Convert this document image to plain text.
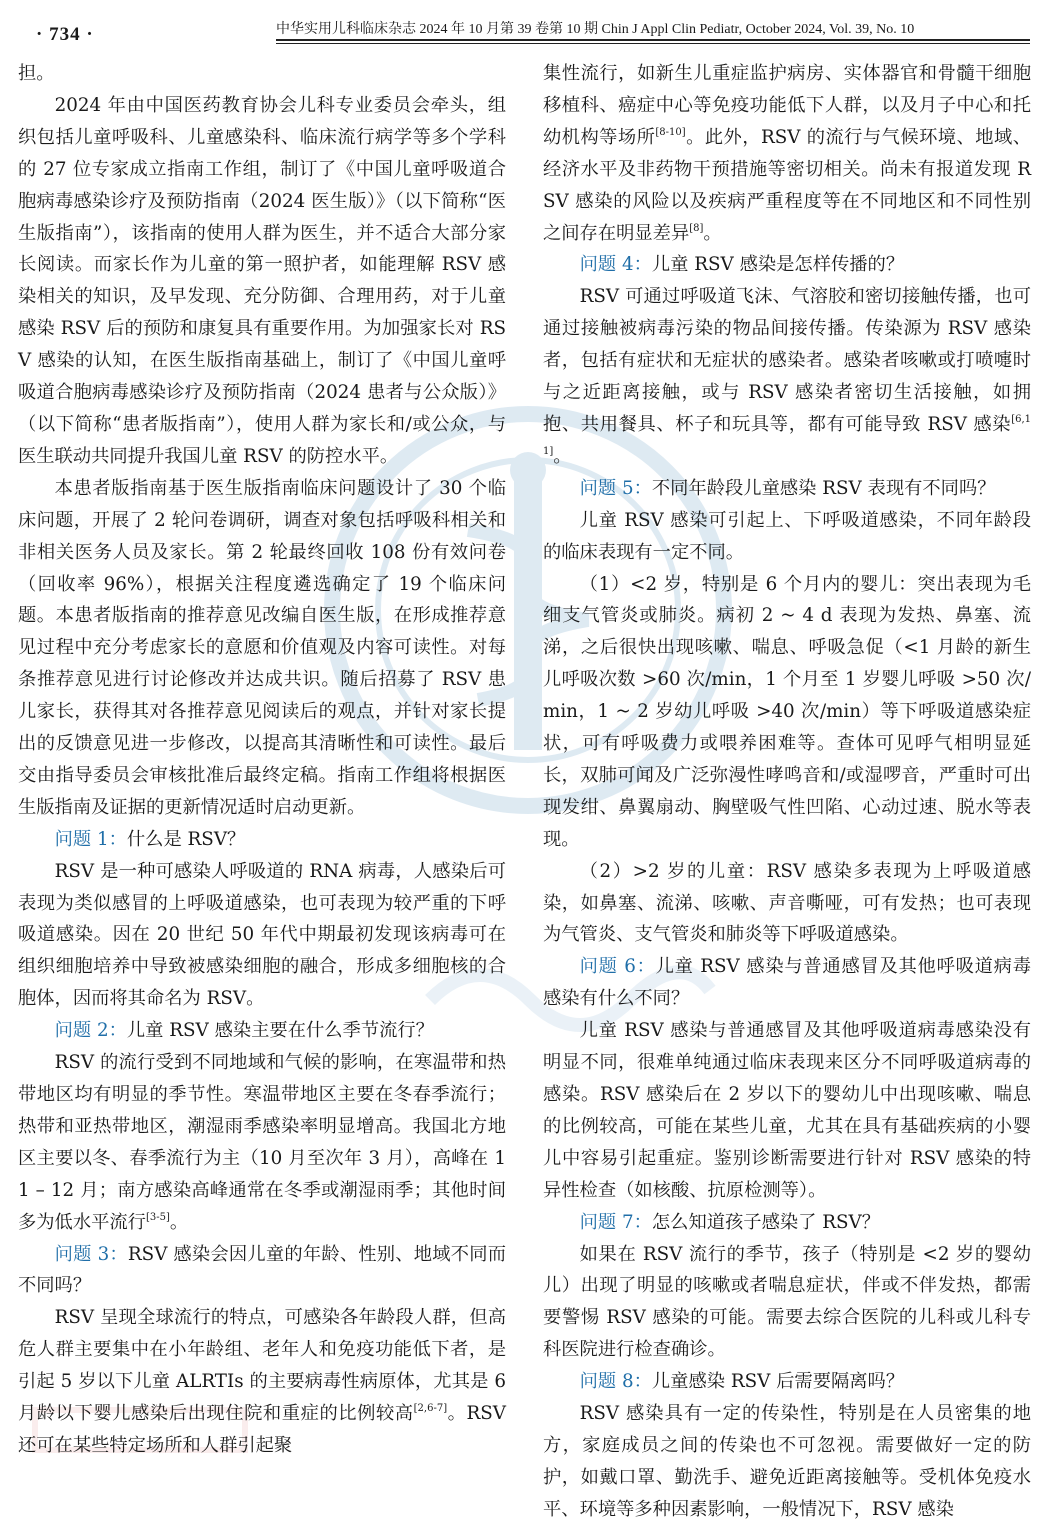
· 734 ·	中华实用儿科临床杂志 2024 年 10 月第 39 卷第 10 期 Chin J Appl Clin Pediatr, October 2024, Vol. 39, No. 10

担。

2024 年由中国医药教育协会儿科专业委员会牵头，组织包括儿童呼吸科、儿童感染科、临床流行病学等多个学科的 27 位专家成立指南工作组，制订了《中国儿童呼吸道合胞病毒感染诊疗及预防指南（2024 医生版）》（以下简称“医生版指南”），该指南的使用人群为医生，并不适合大部分家长阅读。而家长作为儿童的第一照护者，如能理解 RSV 感染相关的知识，及早发现、充分防御、合理用药，对于儿童感染 RSV 后的预防和康复具有重要作用。为加强家长对 RSV 感染的认知，在医生版指南基础上，制订了《中国儿童呼吸道合胞病毒感染诊疗及预防指南（2024 患者与公众版）》（以下简称“患者版指南”），使用人群为家长和/或公众，与医生联动共同提升我国儿童 RSV 的防控水平。

本患者版指南基于医生版指南临床问题设计了 30 个临床问题，开展了 2 轮问卷调研，调查对象包括呼吸科相关和非相关医务人员及家长。第 2 轮最终回收 108 份有效问卷（回收率 96%），根据关注程度遴选确定了 19 个临床问题。本患者版指南的推荐意见改编自医生版，在形成推荐意见过程中充分考虑家长的意愿和价值观及内容可读性。对每条推荐意见进行讨论修改并达成共识。随后招募了 RSV 患儿家长，获得其对各推荐意见阅读后的观点，并针对家长提出的反馈意见进一步修改，以提高其清晰性和可读性。最后交由指导委员会审核批准后最终定稿。指南工作组将根据医生版指南及证据的更新情况适时启动更新。

问题 1：什么是 RSV？

RSV 是一种可感染人呼吸道的 RNA 病毒，人感染后可表现为类似感冒的上呼吸道感染，也可表现为较严重的下呼吸道感染。因在 20 世纪 50 年代中期最初发现该病毒可在组织细胞培养中导致被感染细胞的融合，形成多细胞核的合胞体，因而将其命名为 RSV。

问题 2：儿童 RSV 感染主要在什么季节流行？

RSV 的流行受到不同地域和气候的影响，在寒温带和热带地区均有明显的季节性。寒温带地区主要在冬春季流行；热带和亚热带地区，潮湿雨季感染率明显增高。我国北方地区主要以冬、春季流行为主（10 月至次年 3 月），高峰在 11 – 12 月；南方感染高峰通常在冬季或潮湿雨季；其他时间多为低水平流行[3-5]。

问题 3：RSV 感染会因儿童的年龄、性别、地域不同而不同吗？

RSV 呈现全球流行的特点，可感染各年龄段人群，但高危人群主要集中在小年龄组、老年人和免疫功能低下者，是引起 5 岁以下儿童 ALRTIs 的主要病毒性病原体，尤其是 6 月龄以下婴儿感染后出现住院和重症的比例较高[2,6-7]。RSV 还可在某些特定场所和人群引起聚

集性流行，如新生儿重症监护病房、实体器官和骨髓干细胞移植科、癌症中心等免疫功能低下人群，以及月子中心和托幼机构等场所[8-10]。此外，RSV 的流行与气候环境、地域、经济水平及非药物干预措施等密切相关。尚未有报道发现 RSV 感染的风险以及疾病严重程度等在不同地区和不同性别之间存在明显差异[8]。

问题 4：儿童 RSV 感染是怎样传播的？

RSV 可通过呼吸道飞沫、气溶胶和密切接触传播，也可通过接触被病毒污染的物品间接传播。传染源为 RSV 感染者，包括有症状和无症状的感染者。感染者咳嗽或打喷嚏时与之近距离接触，或与 RSV 感染者密切生活接触，如拥抱、共用餐具、杯子和玩具等，都有可能导致 RSV 感染[6,11]。

问题 5：不同年龄段儿童感染 RSV 表现有不同吗？

儿童 RSV 感染可引起上、下呼吸道感染，不同年龄段的临床表现有一定不同。

（1）<2 岁，特别是 6 个月内的婴儿：突出表现为毛细支气管炎或肺炎。病初 2 ~ 4 d 表现为发热、鼻塞、流涕，之后很快出现咳嗽、喘息、呼吸急促（<1 月龄的新生儿呼吸次数 >60 次/min，1 个月至 1 岁婴儿呼吸 >50 次/min，1 ~ 2 岁幼儿呼吸 >40 次/min）等下呼吸道感染症状，可有呼吸费力或喂养困难等。查体可见呼气相明显延长，双肺可闻及广泛弥漫性哮鸣音和/或湿啰音，严重时可出现发绀、鼻翼扇动、胸壁吸气性凹陷、心动过速、脱水等表现。

（2）>2 岁的儿童：RSV 感染多表现为上呼吸道感染，如鼻塞、流涕、咳嗽、声音嘶哑，可有发热；也可表现为气管炎、支气管炎和肺炎等下呼吸道感染。

问题 6：儿童 RSV 感染与普通感冒及其他呼吸道病毒感染有什么不同？

儿童 RSV 感染与普通感冒及其他呼吸道病毒感染没有明显不同，很难单纯通过临床表现来区分不同呼吸道病毒的感染。RSV 感染后在 2 岁以下的婴幼儿中出现咳嗽、喘息的比例较高，可能在某些儿童，尤其在具有基础疾病的小婴儿中容易引起重症。鉴别诊断需要进行针对 RSV 感染的特异性检查（如核酸、抗原检测等）。

问题 7：怎么知道孩子感染了 RSV？

如果在 RSV 流行的季节，孩子（特别是 <2 岁的婴幼儿）出现了明显的咳嗽或者喘息症状，伴或不伴发热，都需要警惕 RSV 感染的可能。需要去综合医院的儿科或儿科专科医院进行检查确诊。

问题 8：儿童感染 RSV 后需要隔离吗？

RSV 感染具有一定的传染性，特别是在人员密集的地方，家庭成员之间的传染也不可忽视。需要做好一定的防护，如戴口罩、勤洗手、避免近距离接触等。受机体免疫水平、环境等多种因素影响，一般情况下，RSV 感染
